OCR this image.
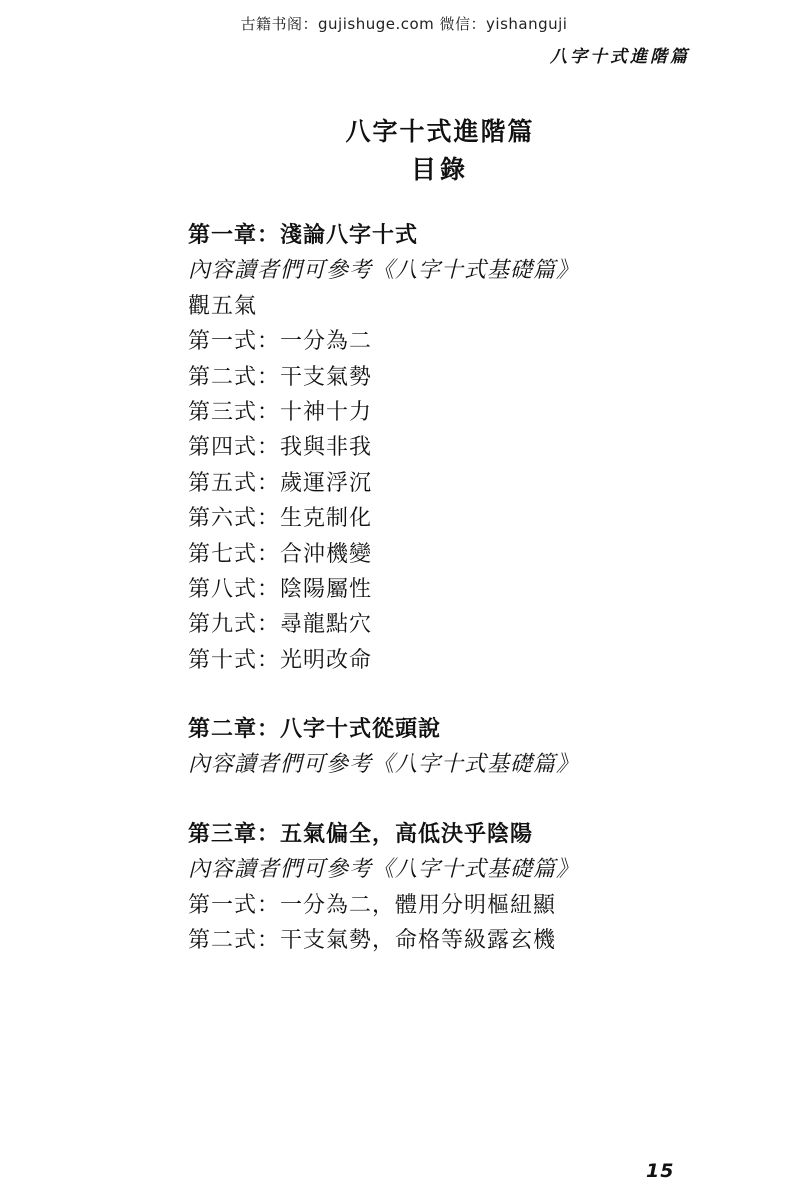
古籍书阁：gujishuge.com 微信：yishanguji
八字十式進階篇
八字十式進階篇
目錄
第一章：淺論八字十式
內容讀者們可參考《八字十式基礎篇》
觀五氣
第一式：一分為二
第二式：干支氣勢
第三式：十神十力
第四式：我與非我
第五式：歲運浮沉
第六式：生克制化
第七式：合沖機變
第八式：陰陽屬性
第九式：尋龍點穴
第十式：光明改命
第二章：八字十式從頭說
內容讀者們可參考《八字十式基礎篇》
第三章：五氣偏全，高低決乎陰陽
內容讀者們可參考《八字十式基礎篇》
第一式：一分為二，體用分明樞紐顯
第二式：干支氣勢，命格等級露玄機
15
